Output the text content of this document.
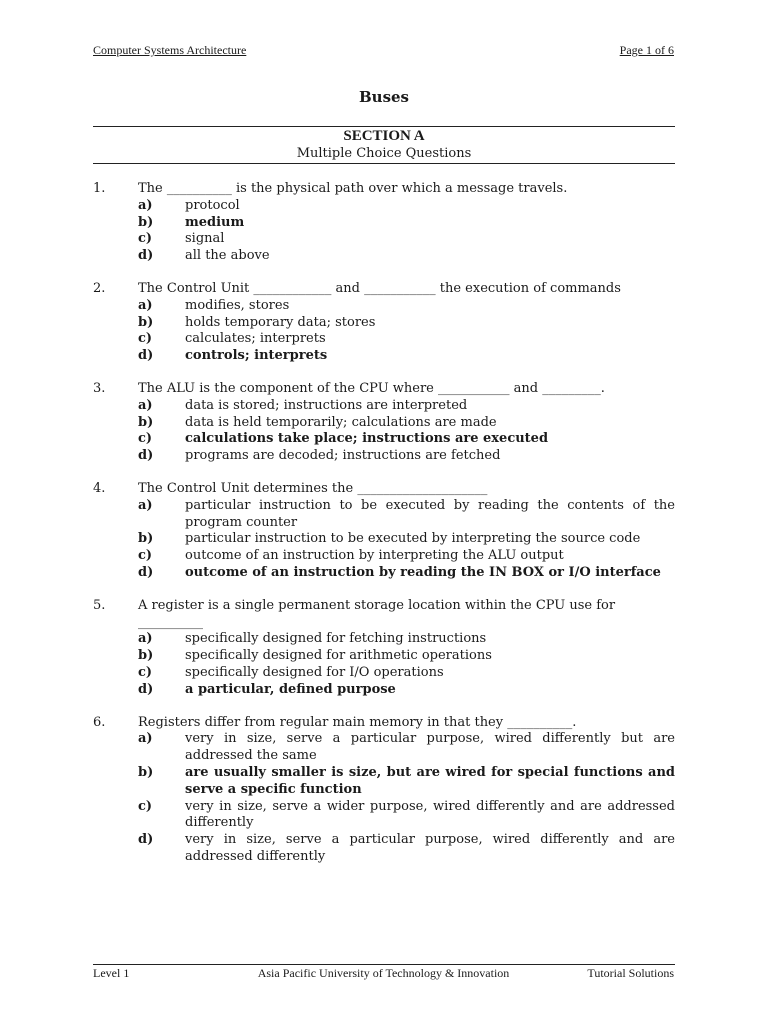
Computer Systems Architecture	Page 1 of 6
Buses
SECTION A
Multiple Choice Questions
1.	The __________ is the physical path over which a message travels.
a) protocol
b) medium
c)	signal
d) all the above
2.	The Control Unit ____________ and ___________ the execution of commands
a) modifies, stores
b) holds temporary data; stores
c)	calculates; interprets
d) controls; interprets
3.	The ALU is the component of the CPU where ___________ and _________.
a) data is stored; instructions are interpreted
b) data is held temporarily; calculations are made
c)	calculations take place; instructions are executed
d) programs are decoded; instructions are fetched
4.	The Control Unit determines the ____________________
a) particular instruction to be executed by reading the contents of the program counter
b) particular instruction to be executed by interpreting the source code
c)	outcome of an instruction by interpreting the ALU output
d) outcome of an instruction by reading the IN BOX or I/O interface
5.	A register is a single permanent storage location within the CPU use for __________
a) specifically designed for fetching instructions
b) specifically designed for arithmetic operations
c)	specifically designed for I/O operations
d) a particular, defined purpose
6.	Registers differ from regular main memory in that they __________.
a) very in size, serve a particular purpose, wired differently but are addressed the same
b) are usually smaller is size, but are wired for special functions and serve a specific function
c)	very in size, serve a wider purpose, wired differently and are addressed differently
d) very in size, serve a particular purpose, wired differently and are addressed differently
Level 1	Asia Pacific University of Technology & Innovation	Tutorial Solutions
